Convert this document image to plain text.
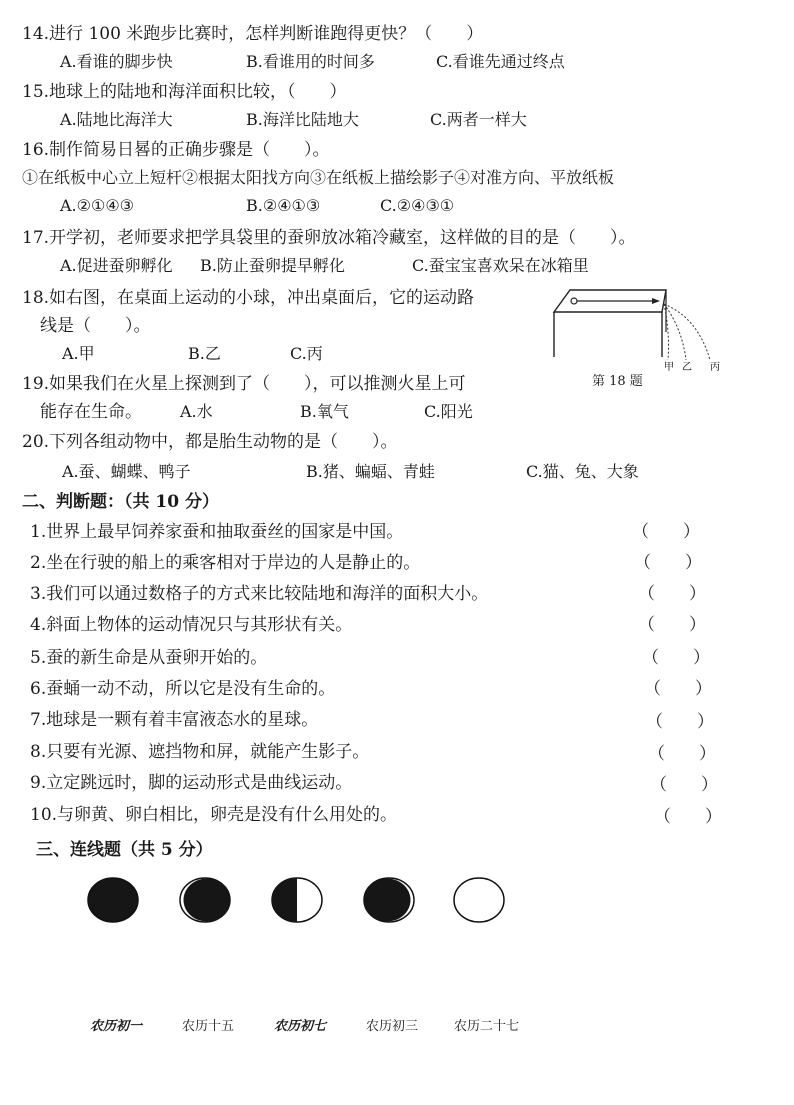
14.进行 100 米跑步比赛时，怎样判断谁跑得更快？（　　）
A.看谁的脚步快	B.看谁用的时间多	C.看谁先通过终点
15.地球上的陆地和海洋面积比较，（　　）
A.陆地比海洋大	B.海洋比陆地大	C.两者一样大
16.制作简易日晷的正确步骤是（　　）。
①在纸板中心立上短杆②根据太阳找方向③在纸板上描绘影子④对准方向、平放纸板
A.②①④③	B.②④①③	C.②④③①
17.开学初，老师要求把学具袋里的蚕卵放冰箱冷藏室，这样做的目的是（　　）。
A.促进蚕卵孵化 B.防止蚕卵提早孵化	C.蚕宝宝喜欢呆在冰箱里
18.如右图，在桌面上运动的小球，冲出桌面后，它的运动路
线是（　　）。
A.甲	B.乙	C.丙
甲 乙 丙
第 18 题
19.如果我们在火星上探测到了（　　），可以推测火星上可
能存在生命。 A.水	B.氧气	C.阳光
20.下列各组动物中，都是胎生动物的是（　　）。
A.蚕、蝴蝶、鸭子	B.猪、蝙蝠、青蛙	C.猫、兔、大象
二、判断题：（共 10 分）
1.世界上最早饲养家蚕和抽取蚕丝的国家是中国。	（　　）
2.坐在行驶的船上的乘客相对于岸边的人是静止的。	（　　）
3.我们可以通过数格子的方式来比较陆地和海洋的面积大小。	（　　）
4.斜面上物体的运动情况只与其形状有关。	（　　）
5.蚕的新生命是从蚕卵开始的。	（　　）
6.蚕蛹一动不动，所以它是没有生命的。	（　　）
7.地球是一颗有着丰富液态水的星球。	（　　）
8.只要有光源、遮挡物和屏，就能产生影子。	（　　）
9.立定跳远时，脚的运动形式是曲线运动。	（　　）
10.与卵黄、卵白相比，卵壳是没有什么用处的。	（　　）
三、连线题（共 5 分）
农历初一	农历十五	农历初七	农历初三	农历二十七
